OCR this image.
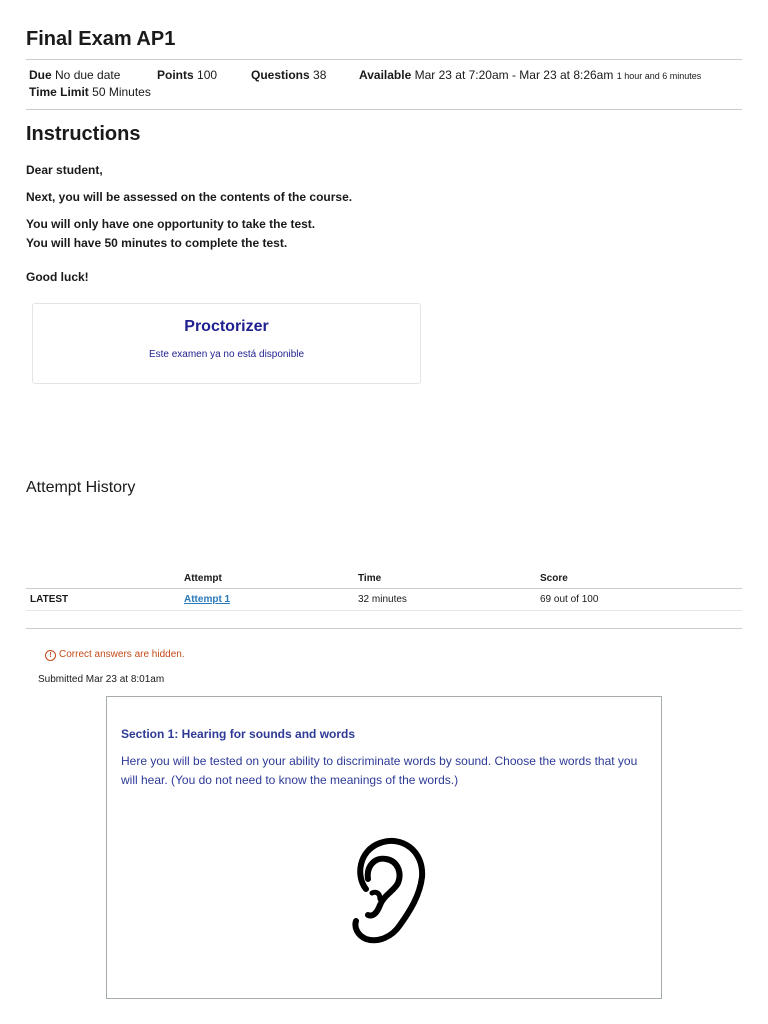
Final Exam AP1
Due No due date	Points 100	Questions 38	Available Mar 23 at 7:20am - Mar 23 at 8:26am 1 hour and 6 minutes
Time Limit 50 Minutes
Instructions
Dear student,
Next, you will be assessed on the contents of the course.
You will only have one opportunity to take the test.
You will have 50 minutes to complete the test.
Good luck!
Proctorizer
Este examen ya no está disponible
Attempt History
	Attempt	Time	Score
LATEST	Attempt 1	32 minutes	69 out of 100
! Correct answers are hidden.
Submitted Mar 23 at 8:01am
Section 1: Hearing for sounds and words
Here you will be tested on your ability to discriminate words by sound. Choose the words that you will hear. (You do not need to know the meanings of the words.)
